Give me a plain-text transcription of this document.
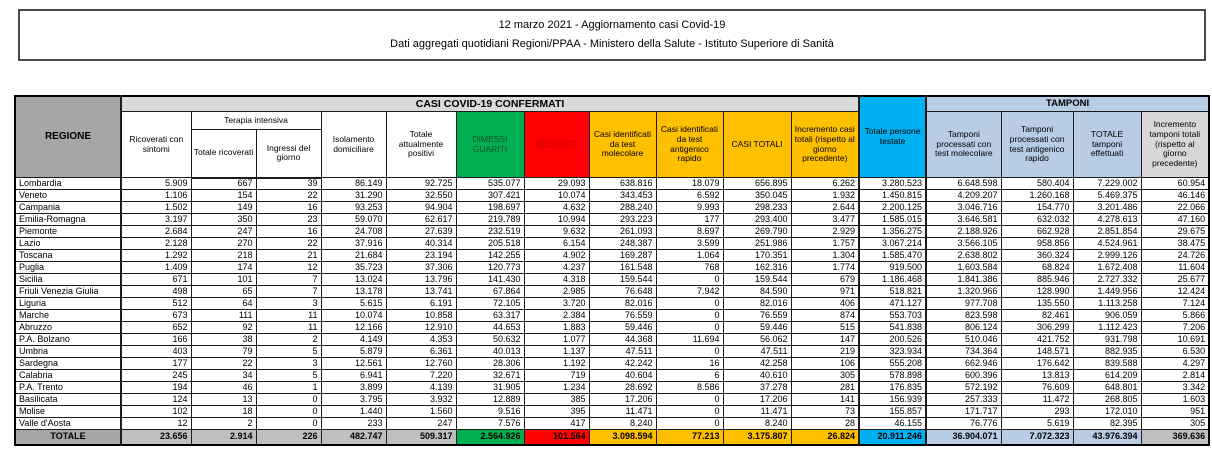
12 marzo 2021 - Aggiornamento casi Covid-19
Dati aggregati quotidiani Regioni/PPAA - Ministero della Salute - Istituto Superiore di Sanità
REGIONE	CASI COVID-19 CONFERMATI											Totale persone testate	TAMPONI			
	Ricoverati con sintomi	Terapia intensiva		Isolamento domiciliare	Totale attualmente positivi	DIMESSI GUARITI	DECEDUTI	Casi identificati da test molecolare	Casi identificati da test antigenico rapido	CASI TOTALI	Incremento casi totali (rispetto al giorno precedente)		Tamponi processati con test molecolare	Tamponi processati con test antigenico rapido	TOTALE tamponi effettuati	Incremento tamponi totali (rispetto al giorno precedente)
		Totale ricoverati	Ingressi del giorno													
Lombardia	5.909	667	39	86.149	92.725	535.077	29.093	638.816	18.079	656.895	6.262	3.280.523	6.648.598	580.404	7.229.002	60.954
Veneto	1.106	154	22	31.290	32.550	307.421	10.074	343.453	6.592	350.045	1.932	1.450.815	4.209.207	1.260.168	5.469.375	46.146
Campania	1.502	149	16	93.253	94.904	198.697	4.632	288.240	9.993	298.233	2.644	2.200.125	3.046.716	154.770	3.201.486	22.066
Emilia-Romagna	3.197	350	23	59.070	62.617	219.789	10.994	293.223	177	293.400	3.477	1.585.015	3.646.581	632.032	4.278.613	47.160
Piemonte	2.684	247	16	24.708	27.639	232.519	9.632	261.093	8.697	269.790	2.929	1.356.275	2.188.926	662.928	2.851.854	29.675
Lazio	2.128	270	22	37.916	40.314	205.518	6.154	248.387	3.599	251.986	1.757	3.067.214	3.566.105	958.856	4.524.961	38.475
Toscana	1.292	218	21	21.684	23.194	142.255	4.902	169.287	1.064	170.351	1.304	1.585.470	2.638.802	360.324	2.999.126	24.726
Puglia	1.409	174	12	35.723	37.306	120.773	4.237	161.548	768	162.316	1.774	919.500	1.603.584	68.824	1.672.408	11.604
Sicilia	671	101	7	13.024	13.796	141.430	4.318	159.544	0	159.544	679	1.186.468	1.841.386	885.946	2.727.332	25.677
Friuli Venezia Giulia	498	65	7	13.178	13.741	67.864	2.985	76.648	7.942	84.590	971	518.821	1.320.966	128.990	1.449.956	12.424
Liguria	512	64	3	5.615	6.191	72.105	3.720	82.016	0	82.016	406	471.127	977.708	135.550	1.113.258	7.124
Marche	673	111	11	10.074	10.858	63.317	2.384	76.559	0	76.559	874	553.703	823.598	82.461	906.059	5.866
Abruzzo	652	92	11	12.166	12.910	44.653	1.883	59.446	0	59.446	515	541.838	806.124	306.299	1.112.423	7.206
P.A. Bolzano	166	38	2	4.149	4.353	50.632	1.077	44.368	11.694	56.062	147	200.526	510.046	421.752	931.798	10.691
Umbria	403	79	5	5.879	6.361	40.013	1.137	47.511	0	47.511	219	323.934	734.364	148.571	882.935	6.530
Sardegna	177	22	3	12.561	12.760	28.306	1.192	42.242	16	42.258	106	555.208	662.946	176.642	839.588	4.297
Calabria	245	34	5	6.941	7.220	32.671	719	40.604	6	40.610	305	578.898	600.396	13.813	614.209	2.814
P.A. Trento	194	46	1	3.899	4.139	31.905	1.234	28.692	8.586	37.278	281	176.835	572.192	76.609	648.801	3.342
Basilicata	124	13	0	3.795	3.932	12.889	385	17.206	0	17.206	141	156.939	257.333	11.472	268.805	1.603
Molise	102	18	0	1.440	1.560	9.516	395	11.471	0	11.471	73	155.857	171.717	293	172.010	951
Valle d'Aosta	12	2	0	233	247	7.576	417	8.240	0	8.240	28	46.155	76.776	5.619	82.395	305
TOTALE	23.656	2.914	226	482.747	509.317	2.564.926	101.564	3.098.594	77.213	3.175.807	26.824	20.911.246	36.904.071	7.072.323	43.976.394	369.636
